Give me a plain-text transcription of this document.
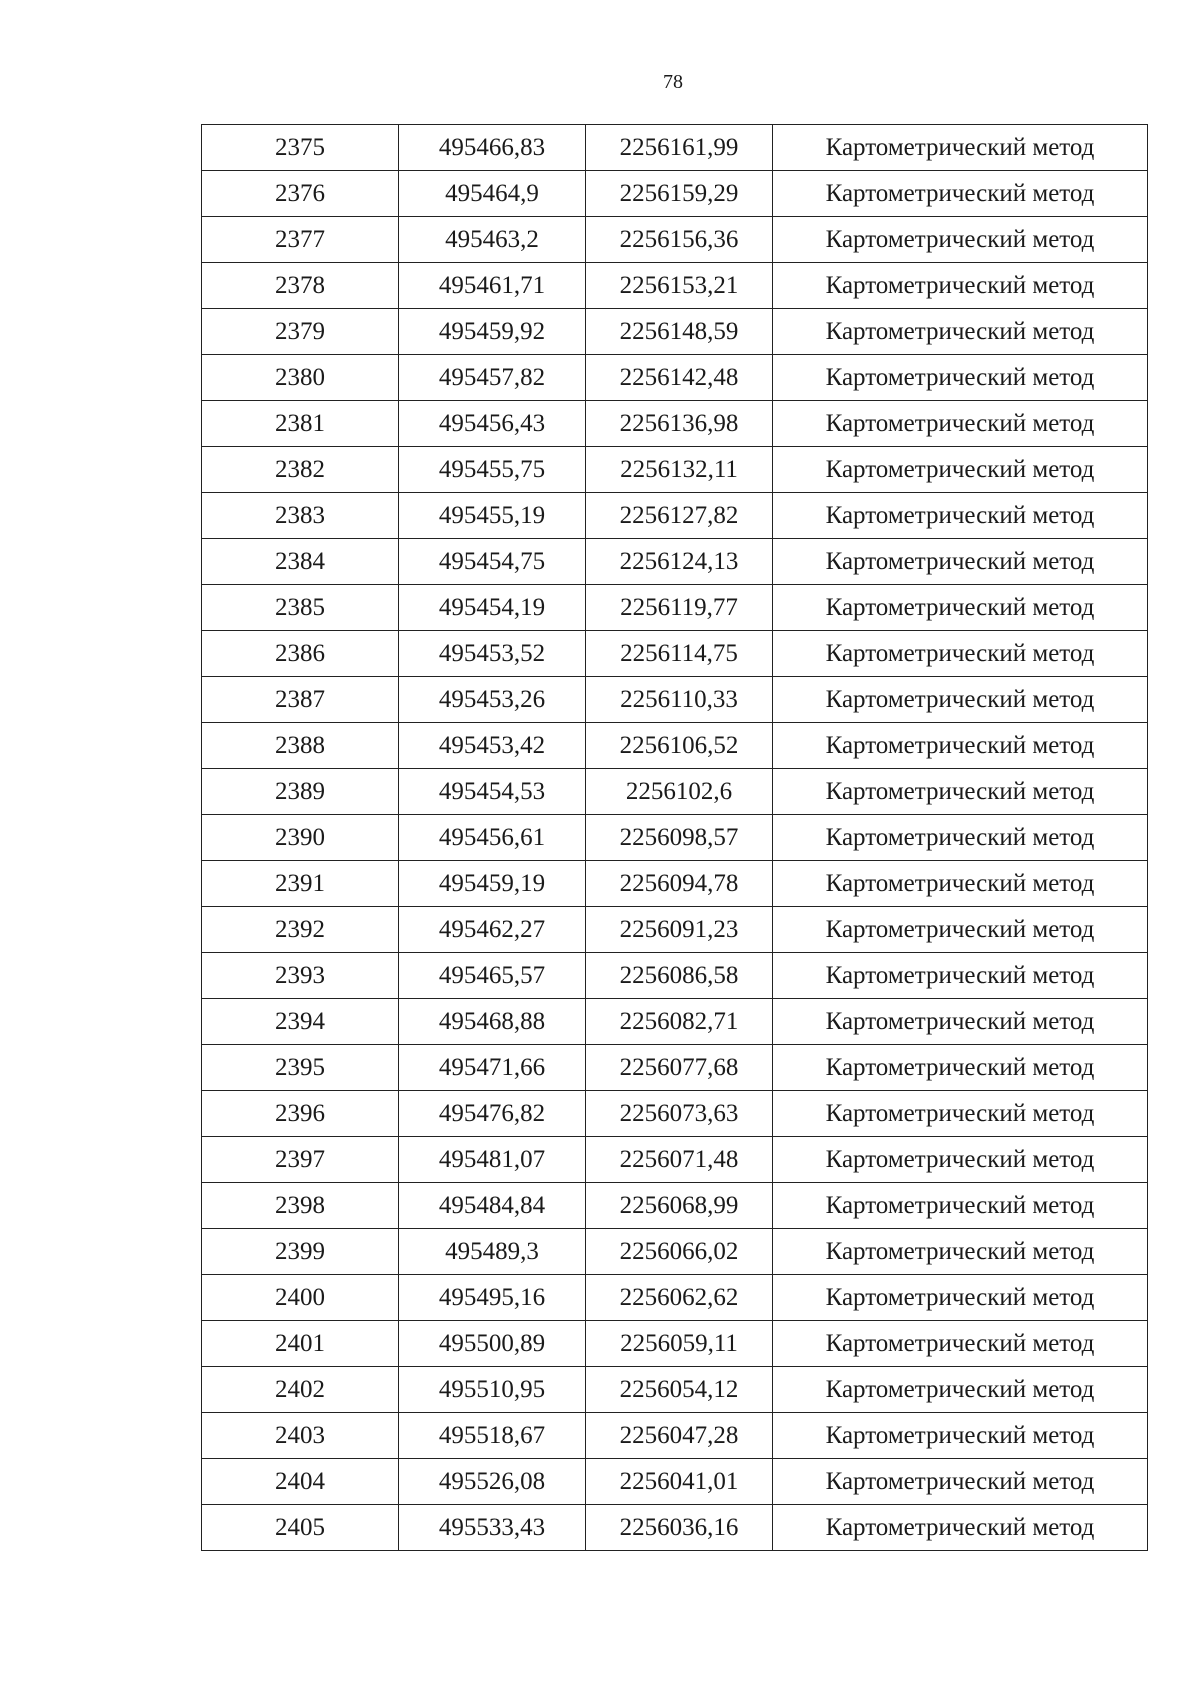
78
2375	495466,83	2256161,99	Картометрический метод
2376	495464,9	2256159,29	Картометрический метод
2377	495463,2	2256156,36	Картометрический метод
2378	495461,71	2256153,21	Картометрический метод
2379	495459,92	2256148,59	Картометрический метод
2380	495457,82	2256142,48	Картометрический метод
2381	495456,43	2256136,98	Картометрический метод
2382	495455,75	2256132,11	Картометрический метод
2383	495455,19	2256127,82	Картометрический метод
2384	495454,75	2256124,13	Картометрический метод
2385	495454,19	2256119,77	Картометрический метод
2386	495453,52	2256114,75	Картометрический метод
2387	495453,26	2256110,33	Картометрический метод
2388	495453,42	2256106,52	Картометрический метод
2389	495454,53	2256102,6	Картометрический метод
2390	495456,61	2256098,57	Картометрический метод
2391	495459,19	2256094,78	Картометрический метод
2392	495462,27	2256091,23	Картометрический метод
2393	495465,57	2256086,58	Картометрический метод
2394	495468,88	2256082,71	Картометрический метод
2395	495471,66	2256077,68	Картометрический метод
2396	495476,82	2256073,63	Картометрический метод
2397	495481,07	2256071,48	Картометрический метод
2398	495484,84	2256068,99	Картометрический метод
2399	495489,3	2256066,02	Картометрический метод
2400	495495,16	2256062,62	Картометрический метод
2401	495500,89	2256059,11	Картометрический метод
2402	495510,95	2256054,12	Картометрический метод
2403	495518,67	2256047,28	Картометрический метод
2404	495526,08	2256041,01	Картометрический метод
2405	495533,43	2256036,16	Картометрический метод
